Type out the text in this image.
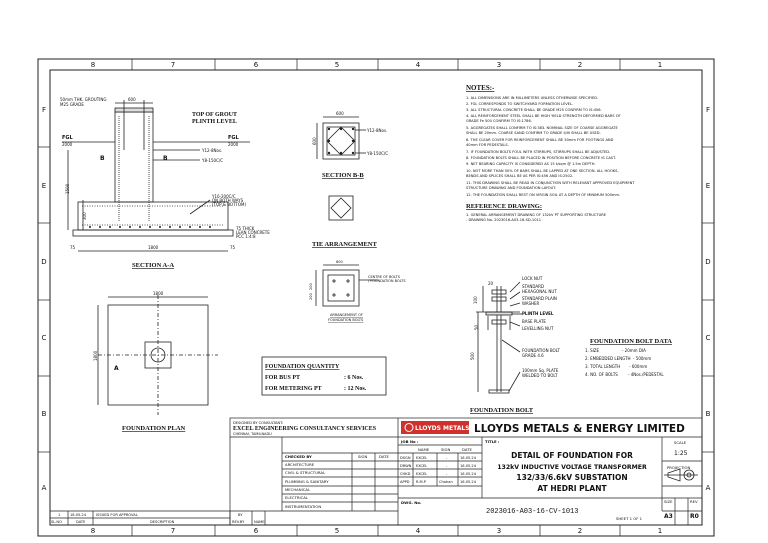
8	7	6	5	4	3	2	1
8	7	6	5	4	3	2	1
F
E
D
C
B
A
F
E
D
C
B
A
50mm THK. GROUTING
M25 GRADE
600
FGL
2000
FGL
2000
1500
300
Y12-8Nos.
Y8-150C/C
Y10-200C/C
ON BOTH WAYS
(TOP & BOTTOM)
75 THICK
LEAN CONCRETE
PCC 1:4:8
75	1800	75
B	B
TOP OF GROUT
PLINTH LEVEL
SECTION A-A
600
600
Y12-8Nos.
Y8-150C/C
SECTION B-B
TIE ARRANGEMENT
600
200
200
CENTRE OF BOLTS
/ FOUNDATION BOLTS
ARRANGEMENT OF
FOUNDATION BOLTS
1800
1800
A
FOUNDATION PLAN
FOUNDATION QUANTITY
FOR BUS PT	: 6 Nos.
FOR METERING PT	: 12 Nos.
NOTES:-
1. ALL DIMENSIONS ARE IN MILLIMETERS UNLESS OTHERWISE SPECIFIED.
2. FGL CORRESPONDS TO SWITCHYARD FORMATION LEVEL.
3. ALL STRUCTURAL CONCRETE SHALL BE GRADE M25 CONFIRM TO IS:456.
4. ALL REINFORCEMENT STEEL SHALL BE HIGH YIELD STRENGTH DEFORMED BARS OF
GRADE Fe 500 CONFIRM TO IS:1786.
5. AGGREGATES SHALL CONFIRM TO IS:383. NOMINAL SIZE OF COARSE AGGREGATE
SHALL BE 20mm. COARSE SAND CONFIRM TO GRADE II/III SHALL BE USED.
6. THE CLEAR COVER FOR REINFORCEMENT SHALL BE 50mm FOR FOOTINGS AND
40mm FOR PEDESTALS.
7. IF FOUNDATION BOLTS FOUL WITH STIRRUPS, STIRRUPS SHALL BE ADJUSTED.
8. FOUNDATION BOLTS SHALL BE PLACED IN POSITION BEFORE CONCRETE IS CAST.
9. NET BEARING CAPACITY IS CONSIDERED AS 15 t/sqm @ 1.5m DEPTH.
10. NOT MORE THAN 50% OF BARS SHALL BE LAPPED AT ONE SECTION. ALL HOOKS,
BENDS AND SPLICES SHALL BE AS PER IS:456 AND IS:2502.
11. THIS DRAWING SHALL BE READ IN CONJUNCTION WITH RELEVANT APPROVED EQUIPMENT
STRUCTURE DRAWING AND FOUNDATION LAYOUT.
12. THE FOUNDATION SHALL REST ON VIRGIN SOIL AT A DEPTH OF MINIMUM 500mm.
REFERENCE DRAWING:
1. GENERAL ARRANGEMENT DRAWING OF 132kV PT SUPPORTING STRUCTURE
- DRAWING No. 2023016-A03-16-SD-1011
LOCK NUT
STANDARD
HEXAGONAL NUT
STANDARD PLAIN
WASHER
PLINTH LEVEL
BASE PLATE
LEVELLING NUT
FOUNDATION BOLT
GRADE 4.6
100mm Sq. PLATE
WELDED TO BOLT
20
100
50
500
FOUNDATION BOLT
FOUNDATION BOLT DATA
1. SIZE                  - 20mm DIA
2. EMBEDDED LENGTH  - 500mm
3. TOTAL LENGTH       - 600mm
4. NO. OF BOLTS        - 4Nos./PEDESTAL
LLOYDS METALS LLOYDS METALS & ENERGY LIMITED
DESIGNED BY CONSULTANT:
EXCEL ENGINEERING CONSULTANCY SERVICES
CHENNAI, TAMILNADU
CHECKED BY	SIGN	DATE
ARCHITECTURE
CIVIL & STRUCTURAL
PLUMBING & SANITARY
MECHANICAL
ELECTRICAL
INSTRUMENTATION
JOB No :
NAME	SIGN	DATE
TITLE :
DWG. No.
SCALE
PROJECTION
SIZE	REV
SHEET 1 OF 1
DSGN EXCEL	-	16.05.24
DRWN EXCEL	-	16.05.24
CHKD EXCEL	-	16.05.24
APPD R.M.P	Chohan 16.05.24
DETAIL OF FOUNDATION FOR
132kV INDUCTIVE VOLTAGE TRANSFORMER
132/33/6.6kV SUBSTATION
AT HEDRI PLANT
2023016-A03-16-CV-1013
1:25
A3	R0
1	16.05.24	ISSUED FOR APPROVAL
SL.NO	DATE	DESCRIPTION
BY
REV.BY	NAME
